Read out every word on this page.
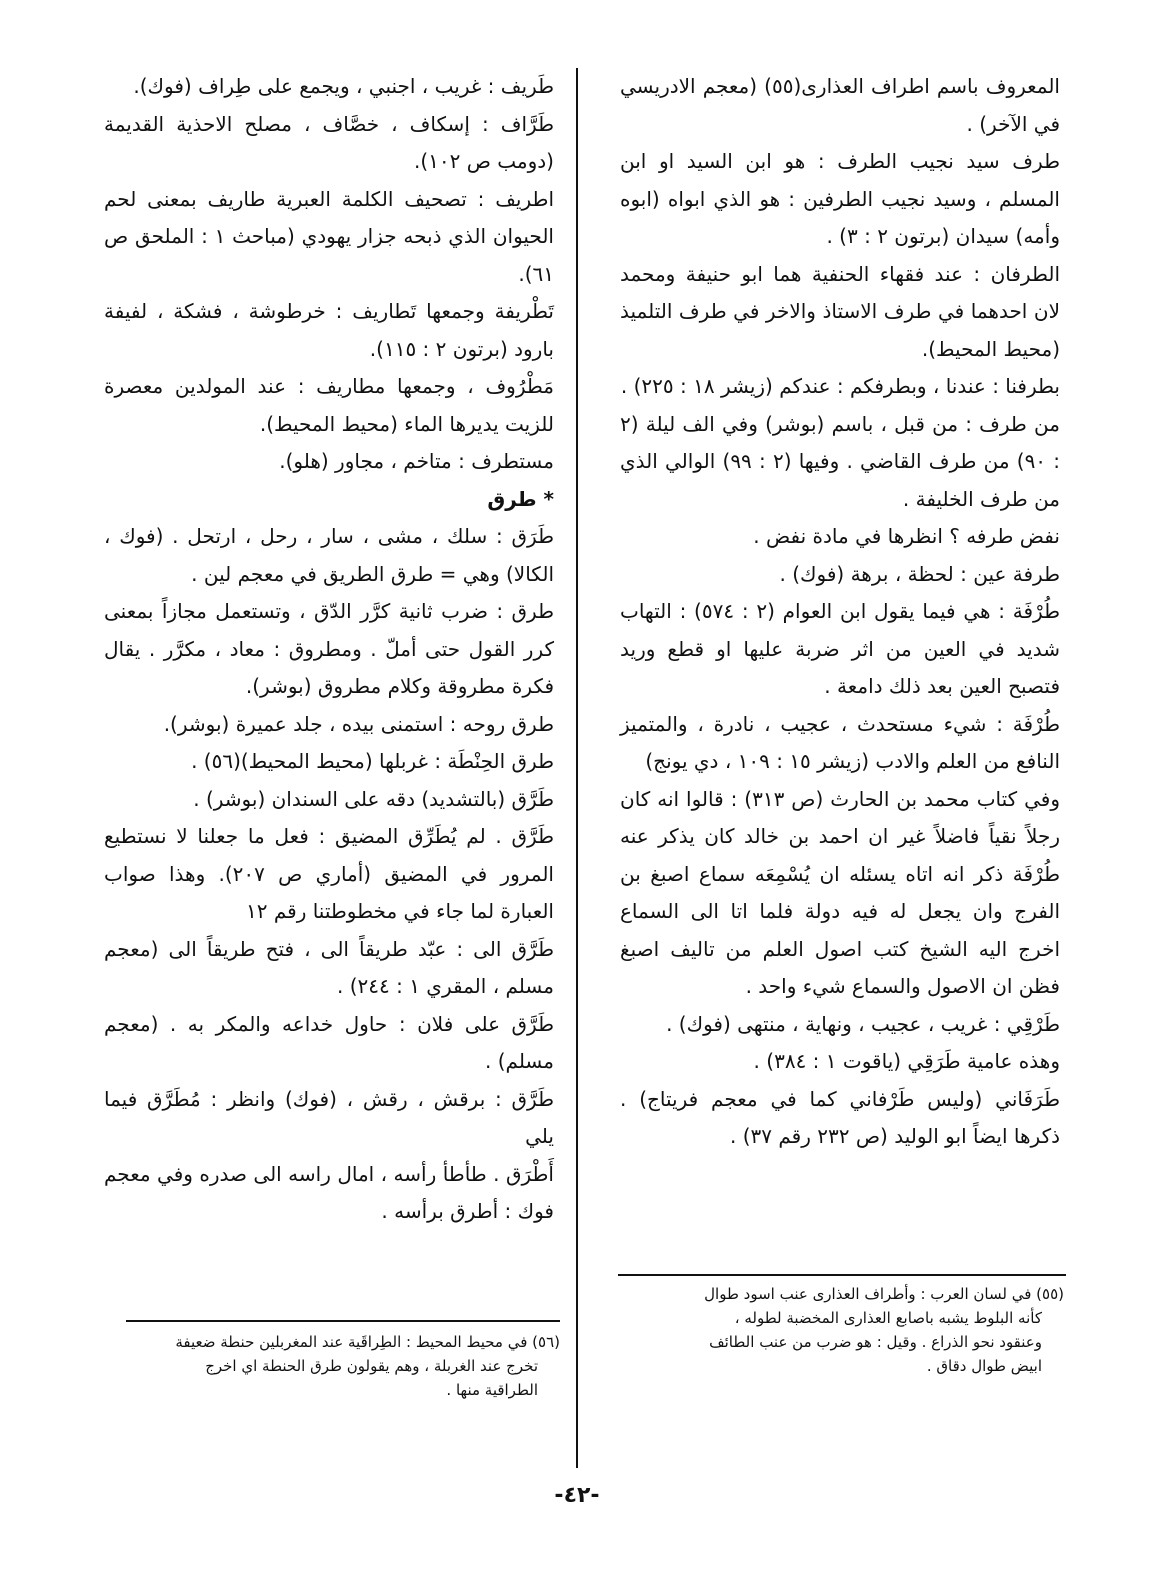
المعروف باسم اطراف العذارى(٥٥) (معجم الادريسي في الآخر) .

طرف سيد نجيب الطرف : هو ابن السيد او ابن المسلم ، وسيد نجيب الطرفين : هو الذي ابواه (ابوه وأمه) سيدان (برتون ٢ : ٣) .

الطرفان : عند فقهاء الحنفية هما ابو حنيفة ومحمد لان احدهما في طرف الاستاذ والاخر في طرف التلميذ (محيط المحيط).

بطرفنا : عندنا ، وبطرفكم : عندكم (زيشر ١٨ : ٢٢٥) .

من طرف : من قبل ، باسم (بوشر) وفي الف ليلة (٢ : ٩٠) من طرف القاضي . وفيها (٢ : ٩٩) الوالي الذي من طرف الخليفة .

نفض طرفه ؟ انظرها في مادة نفض .

طرفة عين : لحظة ، برهة (فوك) .

طُرْفَة : هي فيما يقول ابن العوام (٢ : ٥٧٤) : التهاب شديد في العين من اثر ضربة عليها او قطع وريد فتصبح العين بعد ذلك دامعة .

طُرْفَة : شيء مستحدث ، عجيب ، نادرة ، والمتميز النافع من العلم والادب (زيشر ١٥ : ١٠٩ ، دي يونج)

وفي كتاب محمد بن الحارث (ص ٣١٣) : قالوا انه كان رجلاً نقياً فاضلاً غير ان احمد بن خالد كان يذكر عنه طُرْفَة ذكر انه اتاه يسئله ان يُسْمِعَه سماع اصبغ بن الفرج وان يجعل له فيه دولة فلما اتا الى السماع اخرج اليه الشيخ كتب اصول العلم من تاليف اصبغ فظن ان الاصول والسماع شيء واحد .

طَرْقِي : غريب ، عجيب ، ونهاية ، منتهى (فوك) .

وهذه عامية طَرَقِي (ياقوت ١ : ٣٨٤) .

طَرَفَاني (وليس طَرْفاني كما في معجم فريتاج) . ذكرها ايضاً ابو الوليد (ص ٢٣٢ رقم ٣٧) .

طَريف : غريب ، اجنبي ، ويجمع على طِراف (فوك).

طَرَّاف : إسكاف ، خصَّاف ، مصلح الاحذية القديمة (دومب ص ١٠٢).

اطريف : تصحيف الكلمة العبرية طاريف بمعنى لحم الحيوان الذي ذبحه جزار يهودي (مباحث ١ : الملحق ص ٦١).

تَطْريفة وجمعها تَطاريف : خرطوشة ، فشكة ، لفيفة بارود (برتون ٢ : ١١٥).

مَطْرُوف ، وجمعها مطاريف : عند المولدين معصرة للزيت يديرها الماء (محيط المحيط).

مستطرف : متاخم ، مجاور (هلو).

* طرق

طَرَق : سلك ، مشى ، سار ، رحل ، ارتحل . (فوك ، الكالا) وهي = طرق الطريق في معجم لين .

طرق : ضرب ثانية كرَّر الدّق ، وتستعمل مجازاً بمعنى كرر القول حتى أملّ . ومطروق : معاد ، مكرَّر . يقال فكرة مطروقة وكلام مطروق (بوشر).

طرق روحه : استمنى بيده ، جلد عميرة (بوشر).

طرق الحِنْطَة : غربلها (محيط المحيط)(٥٦) .

طَرَّق (بالتشديد) دقه على السندان (بوشر) .

طَرَّق . لم يُطَرِّق المضيق : فعل ما جعلنا لا نستطيع المرور في المضيق (أماري ص ٢٠٧). وهذا صواب العبارة لما جاء في مخطوطتنا رقم ١٢

طَرَّق الى : عبّد طريقاً الى ، فتح طريقاً الى (معجم مسلم ، المقري ١ : ٢٤٤) .

طَرَّق على فلان : حاول خداعه والمكر به . (معجم مسلم) .

طَرَّق : برقش ، رقش ، (فوك) وانظر : مُطَرَّق فيما يلي

أَطْرَق . طأطأ رأسه ، امال راسه الى صدره وفي معجم فوك : أطرق برأسه .

(٥٥) في لسان العرب : وأطراف العذارى عنب اسود طوال
كأنه البلوط يشبه باصابع العذارى المخضبة لطوله ،
وعنقود نحو الذراع . وقيل : هو ضرب من عنب الطائف
ابيض طوال دقاق .
(٥٦) في محيط المحيط : الطِراقَية عند المغربلين حنطة ضعيفة
تخرج عند الغربلة ، وهم يقولون طرق الحنطة اي اخرج
الطراقية منها .
-٤٢-
